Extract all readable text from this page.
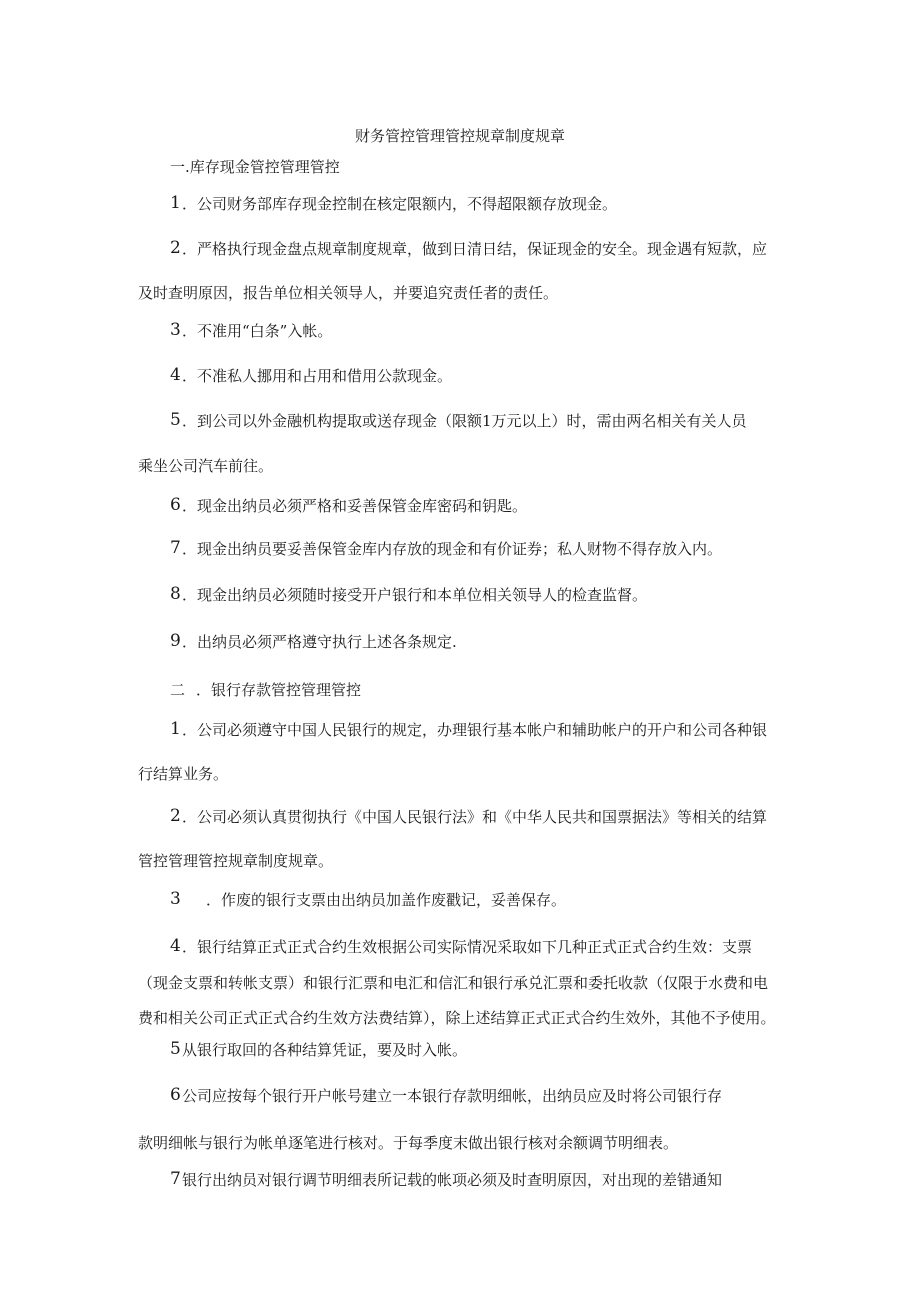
财务管控管理管控规章制度规章
一.库存现金管控管理管控
1 ．公司财务部库存现金控制在核定限额内，不得超限额存放现金。
2 ．严格执行现金盘点规章制度规章，做到日清日结，保证现金的安全。现金遇有短款，应
及时查明原因，报告单位相关领导人，并要追究责任者的责任。
3 ．不准用“白条”入帐。
4 ．不准私人挪用和占用和借用公款现金。
5 ．到公司以外金融机构提取或送存现金（限额1万元以上）时，需由两名相关有关人员
乘坐公司汽车前往。
6 ．现金出纳员必须严格和妥善保管金库密码和钥匙。
7 ．现金出纳员要妥善保管金库内存放的现金和有价证券；私人财物不得存放入内。
8 ．现金出纳员必须随时接受开户银行和本单位相关领导人的检查监督。
9 ．出纳员必须严格遵守执行上述各条规定.
二 ．银行存款管控管理管控
1 ．公司必须遵守中国人民银行的规定，办理银行基本帐户和辅助帐户的开户和公司各种银
行结算业务。
2 ．公司必须认真贯彻执行《中国人民银行法》和《中华人民共和国票据法》等相关的结算
管控管理管控规章制度规章。
3 ．作废的银行支票由出纳员加盖作废戳记，妥善保存。
4 ．银行结算正式正式合约生效根据公司实际情况采取如下几种正式正式合约生效：支票
（现金支票和转帐支票）和银行汇票和电汇和信汇和银行承兑汇票和委托收款（仅限于水费和电
费和相关公司正式正式合约生效方法费结算），除上述结算正式正式合约生效外，其他不予使用。
5 从银行取回的各种结算凭证，要及时入帐。
6 公司应按每个银行开户帐号建立一本银行存款明细帐，出纳员应及时将公司银行存
款明细帐与银行为帐单逐笔进行核对。于每季度末做出银行核对余额调节明细表。
7 银行出纳员对银行调节明细表所记载的帐项必须及时查明原因，对出现的差错通知
